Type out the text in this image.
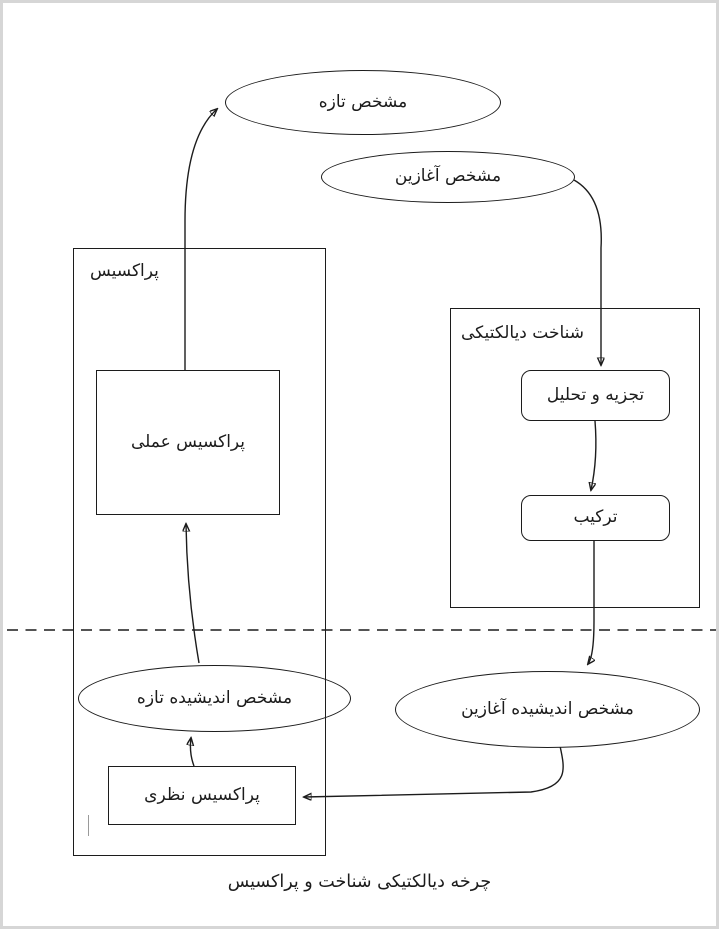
پراکسیس
شناخت دیالکتیکی
مشخص تازه
مشخص آغازین
مشخص اندیشیده تازه
مشخص اندیشیده آغازین
پراکسیس عملی
تجزیه و تحلیل
ترکیب
پراکسیس نظری
چرخه دیالکتیکی شناخت و پراکسیس
